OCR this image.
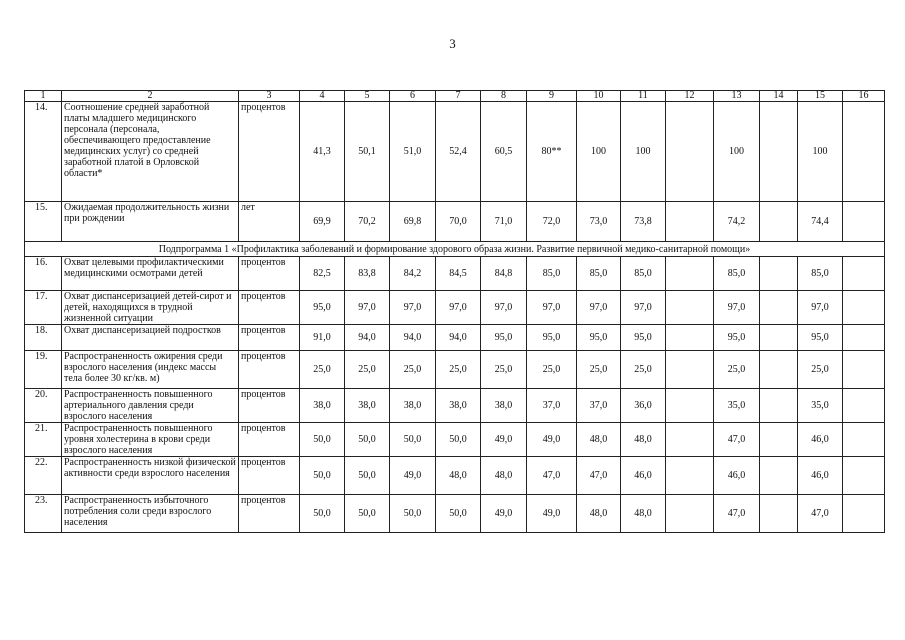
3
1	2	3	4	5	6	7	8	9	10	11	12	13	14	15	16
14.	Соотношение средней заработной платы младшего медицинского персонала (персонала, обеспечивающего предоставление медицинских услуг) со средней заработной платой в Орловской области*	процентов	41,3	50,1	51,0	52,4	60,5	80**	100	100		100		100	
15.	Ожидаемая продолжительность жизни при рождении	лет	69,9	70,2	69,8	70,0	71,0	72,0	73,0	73,8		74,2		74,4	
Подпрограмма 1 «Профилактика заболеваний и формирование здорового образа жизни. Развитие первичной медико-санитарной помощи»															
16.	Охват целевыми профилактическими медицинскими осмотрами детей	процентов	82,5	83,8	84,2	84,5	84,8	85,0	85,0	85,0		85,0		85,0	
17.	Охват диспансеризацией детей-сирот и детей, находящихся в трудной жизненной ситуации	процентов	95,0	97,0	97,0	97,0	97,0	97,0	97,0	97,0		97,0		97,0	
18.	Охват диспансеризацией подростков	процентов	91,0	94,0	94,0	94,0	95,0	95,0	95,0	95,0		95,0		95,0	
19.	Распространенность ожирения среди взрослого населения (индекс массы тела более 30 кг/кв. м)	процентов	25,0	25,0	25,0	25,0	25,0	25,0	25,0	25,0		25,0		25,0	
20.	Распространенность повышенного артериального давления среди взрослого населения	процентов	38,0	38,0	38,0	38,0	38,0	37,0	37,0	36,0		35,0		35,0	
21.	Распространенность повышенного уровня холестерина в крови среди взрослого населения	процентов	50,0	50,0	50,0	50,0	49,0	49,0	48,0	48,0		47,0		46,0	
22.	Распространенность низкой физической активности среди взрослого населения	процентов	50,0	50,0	49,0	48,0	48,0	47,0	47,0	46,0		46,0		46,0	
23.	Распространенность избыточного потребления соли среди взрослого населения	процентов	50,0	50,0	50,0	50,0	49,0	49,0	48,0	48,0		47,0		47,0	
